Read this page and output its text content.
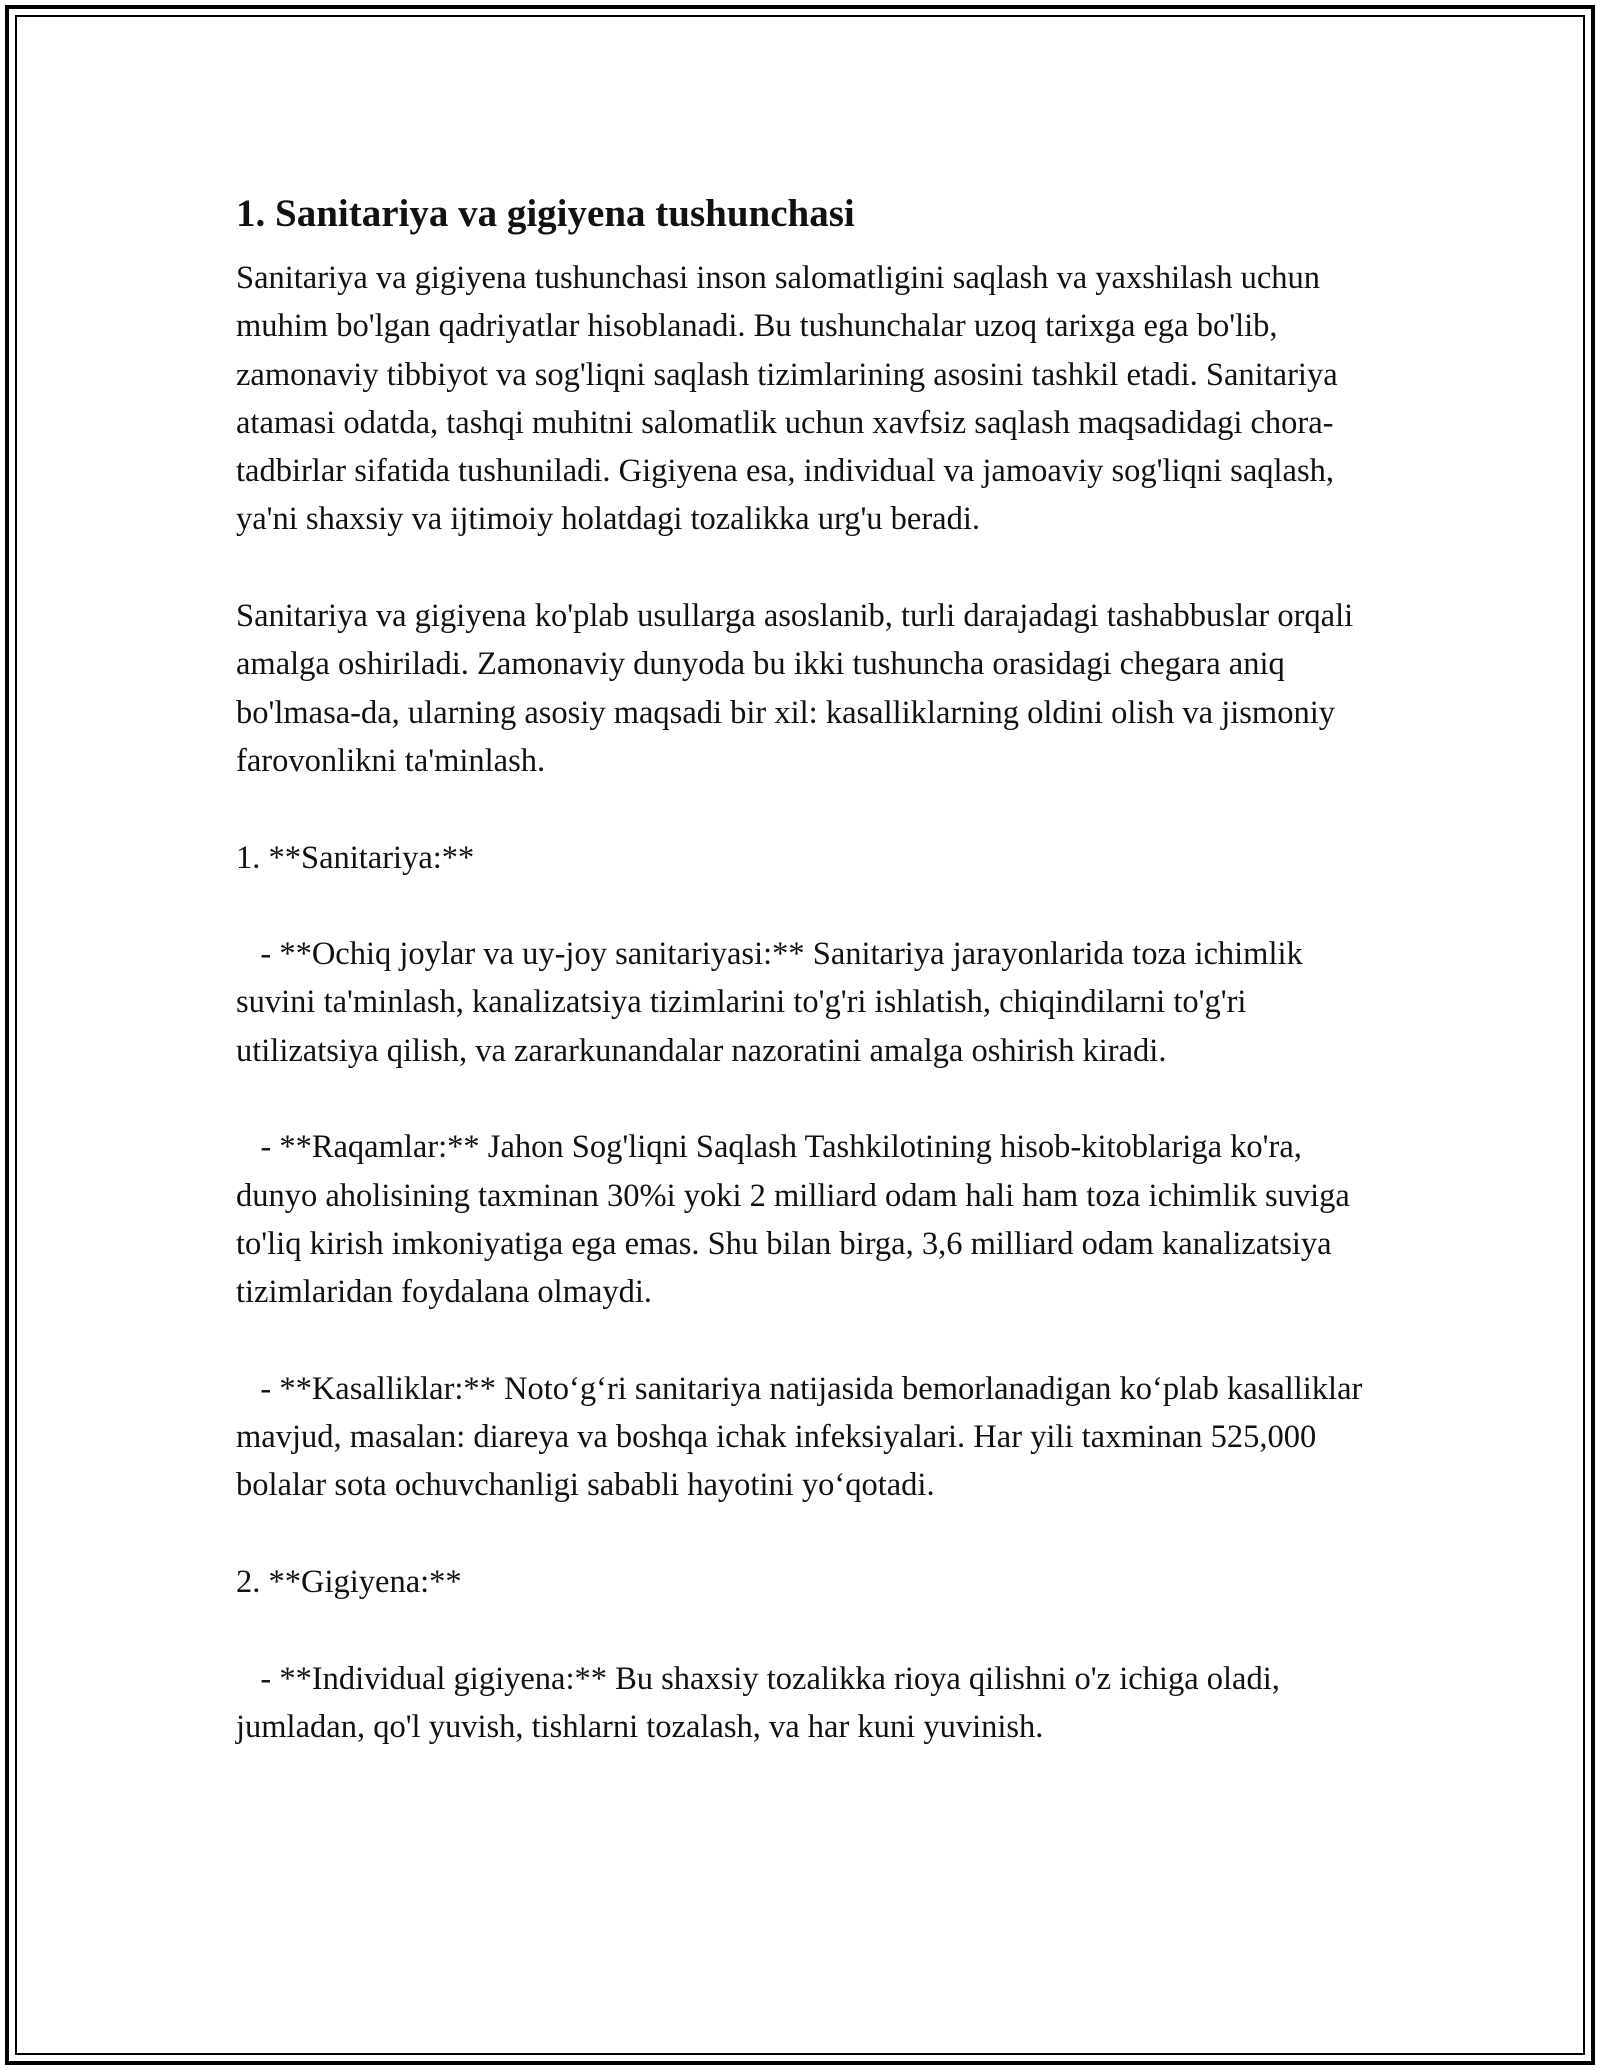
1. Sanitariya va gigiyena tushunchasi

Sanitariya va gigiyena tushunchasi inson salomatligini saqlash va yaxshilash uchun muhim bo'lgan qadriyatlar hisoblanadi. Bu tushunchalar uzoq tarixga ega bo'lib, zamonaviy tibbiyot va sog'liqni saqlash tizimlarining asosini tashkil etadi. Sanitariya atamasi odatda, tashqi muhitni salomatlik uchun xavfsiz saqlash maqsadidagi chora-tadbirlar sifatida tushuniladi. Gigiyena esa, individual va jamoaviy sog'liqni saqlash, ya'ni shaxsiy va ijtimoiy holatdagi tozalikka urg'u beradi.

Sanitariya va gigiyena ko'plab usullarga asoslanib, turli darajadagi tashabbuslar orqali amalga oshiriladi. Zamonaviy dunyoda bu ikki tushuncha orasidagi chegara aniq bo'lmasa-da, ularning asosiy maqsadi bir xil: kasalliklarning oldini olish va jismoniy farovonlikni ta'minlash.

1. **Sanitariya:**
- **Ochiq joylar va uy-joy sanitariyasi:** Sanitariya jarayonlarida toza ichimlik suvini ta'minlash, kanalizatsiya tizimlarini to'g'ri ishlatish, chiqindilarni to'g'ri utilizatsiya qilish, va zararkunandalar nazoratini amalga oshirish kiradi.
- **Raqamlar:** Jahon Sog'liqni Saqlash Tashkilotining hisob-kitoblariga ko'ra, dunyo aholisining taxminan 30%i yoki 2 milliard odam hali ham toza ichimlik suviga to'liq kirish imkoniyatiga ega emas. Shu bilan birga, 3,6 milliard odam kanalizatsiya tizimlaridan foydalana olmaydi.
- **Kasalliklar:** Noto‘g‘ri sanitariya natijasida bemorlanadigan ko‘plab kasalliklar mavjud, masalan: diareya va boshqa ichak infeksiyalari. Har yili taxminan 525,000 bolalar sota ochuvchanligi sababli hayotini yo‘qotadi.
2. **Gigiyena:**
- **Individual gigiyena:** Bu shaxsiy tozalikka rioya qilishni o'z ichiga oladi, jumladan, qo'l yuvish, tishlarni tozalash, va har kuni yuvinish.
